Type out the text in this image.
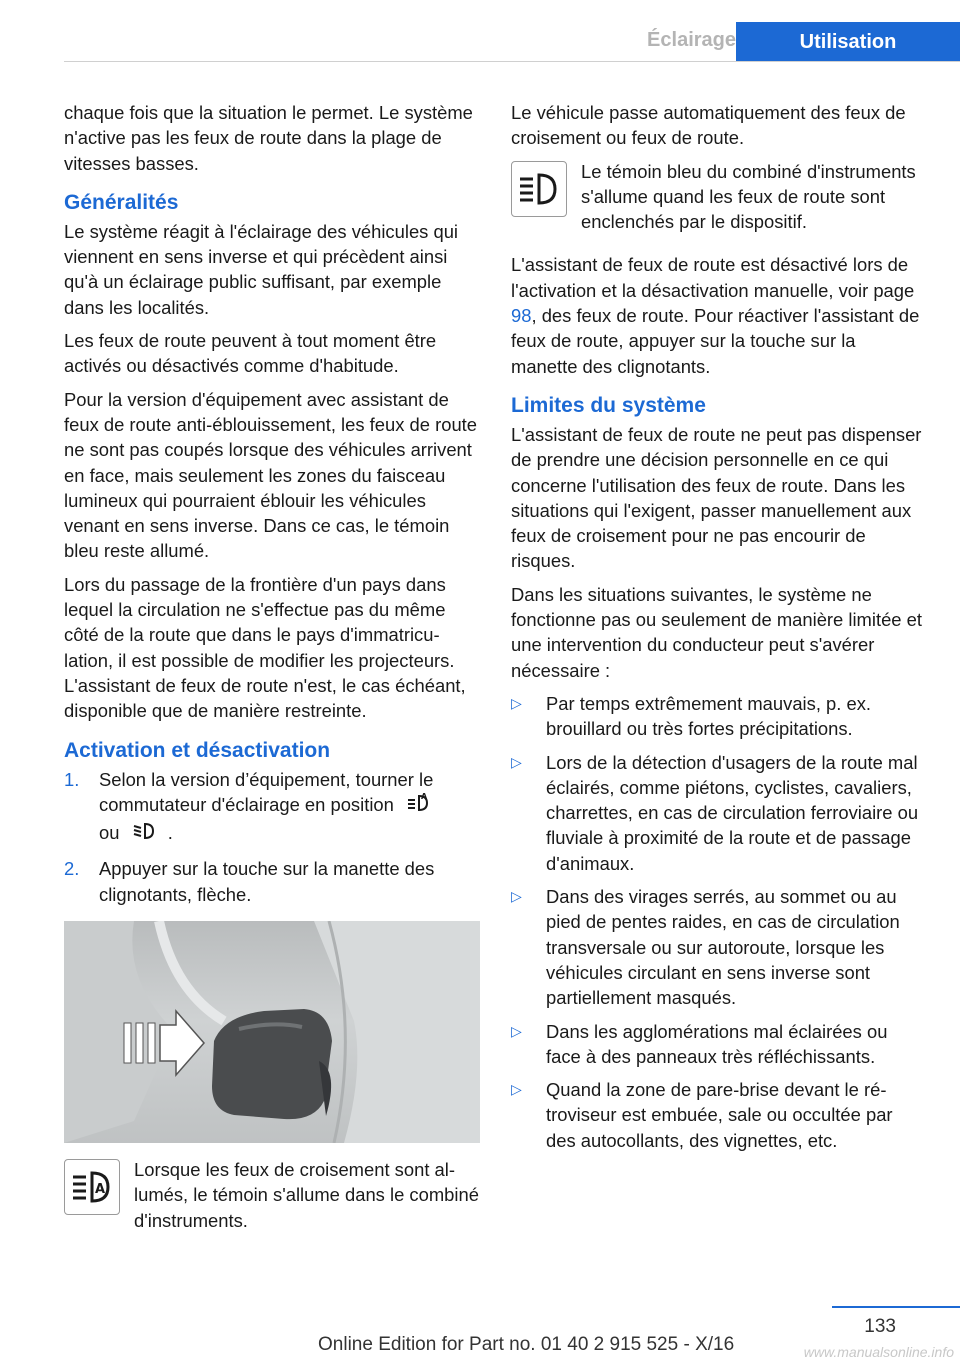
Éclairage	Utilisation

chaque fois que la situation le permet. Le système n'active pas les feux de route dans la plage de vitesses basses.

Généralités

Le système réagit à l'éclairage des véhicules qui viennent en sens inverse et qui précèdent ainsi qu'à un éclairage public suffisant, par exemple dans les localités.

Les feux de route peuvent à tout moment être activés ou désactivés comme d'habitude.

Pour la version d'équipement avec assistant de feux de route anti-éblouissement, les feux de route ne sont pas coupés lorsque des véhicules arrivent en face, mais seulement les zones du faisceau lumineux qui pourraient éblouir les véhicules venant en sens inverse. Dans ce cas, le témoin bleu reste allumé.

Lors du passage de la frontière d'un pays dans lequel la circulation ne s'effectue pas du même côté de la route que dans le pays d'immatriculation, il est possible de modifier les projecteurs. L'assistant de feux de route n'est, le cas échéant, disponible que de manière restreinte.

Activation et désactivation
1.	Selon la version d’équipement, tourner le commutateur d'éclairage en position	A

ou	.
2.	Appuyer sur la touche sur la manette des clignotants, flèche.
A

Lorsque les feux de croisement sont allumés, le témoin s'allume dans le combiné d'instruments.

Le véhicule passe automatiquement des feux de croisement ou feux de route.

Le témoin bleu du combiné d'instruments s'allume quand les feux de route sont enclenchés par le dispositif.

L'assistant de feux de route est désactivé lors de l'activation et la désactivation manuelle, voir page 98, des feux de route. Pour réactiver l'assistant de feux de route, appuyer sur la touche sur la manette des clignotants.

Limites du système

L'assistant de feux de route ne peut pas dispenser de prendre une décision personnelle en ce qui concerne l'utilisation des feux de route. Dans les situations qui l'exigent, passer manuellement aux feux de croisement pour ne pas encourir de risques.

Dans les situations suivantes, le système ne fonctionne pas ou seulement de manière limitée et une intervention du conducteur peut s'avérer nécessaire :

▷	Par temps extrêmement mauvais, p. ex. brouillard ou très fortes précipitations.
▷	Lors de la détection d'usagers de la route mal éclairés, comme piétons, cyclistes, cavaliers, charrettes, en cas de circulation ferroviaire ou fluviale à proximité de la route et de passage d'animaux.
▷	Dans des virages serrés, au sommet ou au pied de pentes raides, en cas de circulation transversale ou sur autoroute, lorsque les véhicules circulant en sens inverse sont partiellement masqués.
▷	Dans les agglomérations mal éclairées ou face à des panneaux très réfléchissants.
▷	Quand la zone de pare-brise devant le rétroviseur est embuée, sale ou occultée par des autocollants, des vignettes, etc.
133
Online Edition for Part no. 01 40 2 915 525 - X/16	www.manualsonline.info
